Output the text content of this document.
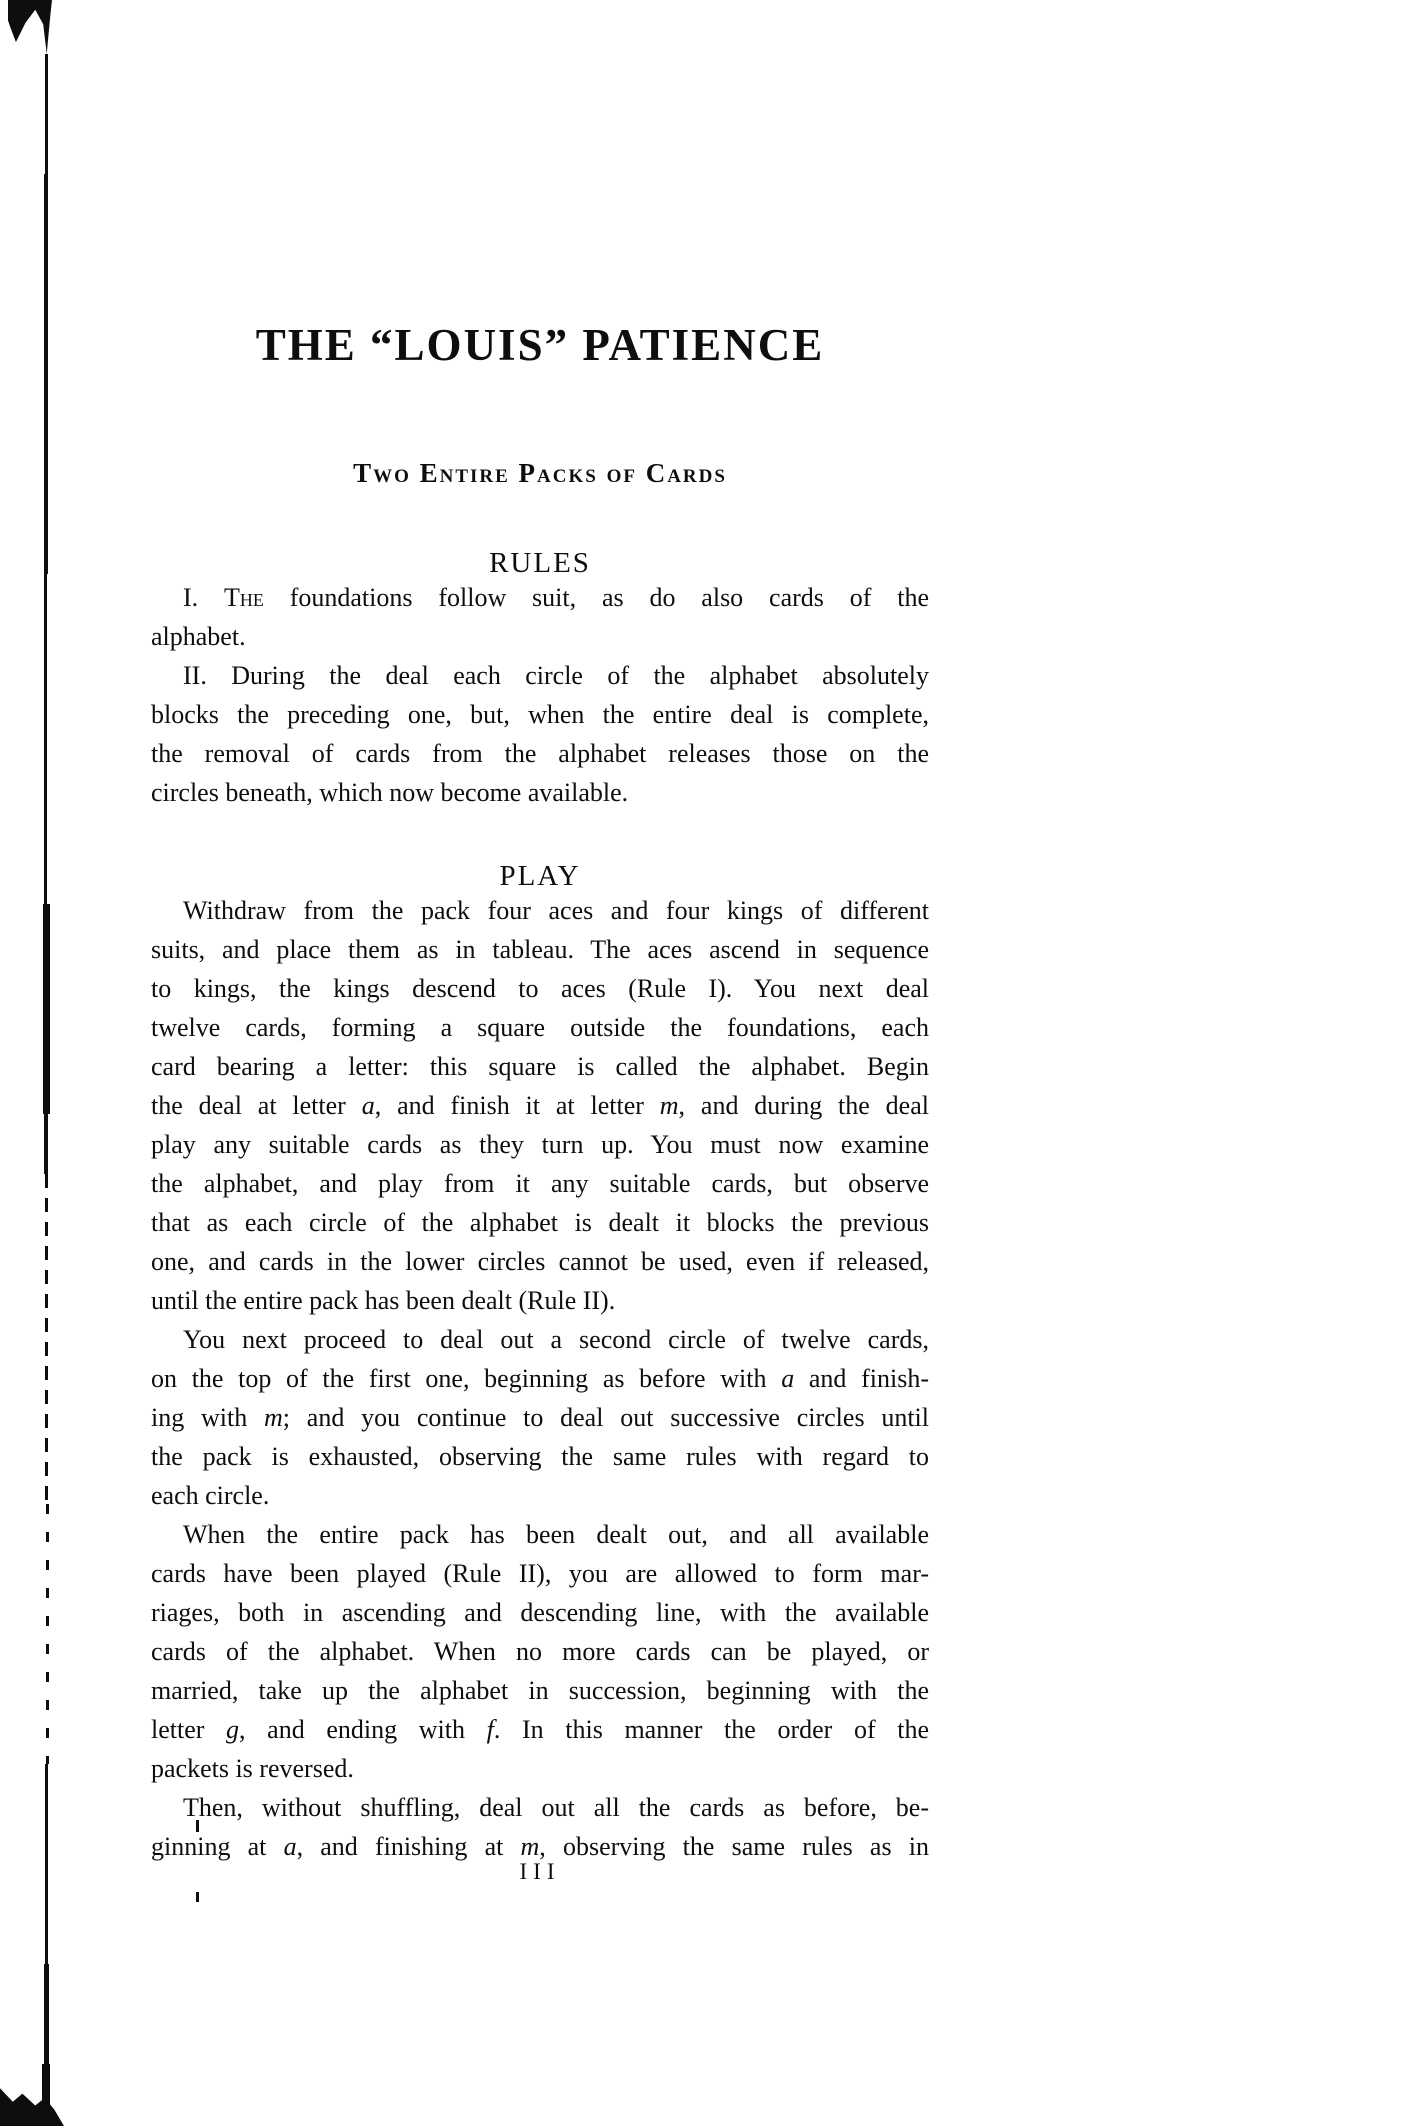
THE “LOUIS” PATIENCE
Two Entire Packs of Cards
RULES
I. The foundations follow suit, as do also cards of the
alphabet.
II. During the deal each circle of the alphabet absolutely
blocks the preceding one, but, when the entire deal is complete,
the removal of cards from the alphabet releases those on the
circles beneath, which now become available.
PLAY
Withdraw from the pack four aces and four kings of different
suits, and place them as in tableau. The aces ascend in sequence
to kings, the kings descend to aces (Rule I). You next deal
twelve cards, forming a square outside the foundations, each
card bearing a letter: this square is called the alphabet. Begin
the deal at letter a, and finish it at letter m, and during the deal
play any suitable cards as they turn up. You must now examine
the alphabet, and play from it any suitable cards, but observe
that as each circle of the alphabet is dealt it blocks the previous
one, and cards in the lower circles cannot be used, even if released,
until the entire pack has been dealt (Rule II).
You next proceed to deal out a second circle of twelve cards,
on the top of the first one, beginning as before with a and finish-
ing with m; and you continue to deal out successive circles until
the pack is exhausted, observing the same rules with regard to
each circle.
When the entire pack has been dealt out, and all available
cards have been played (Rule II), you are allowed to form mar-
riages, both in ascending and descending line, with the available
cards of the alphabet. When no more cards can be played, or
married, take up the alphabet in succession, beginning with the
letter g, and ending with f. In this manner the order of the
packets is reversed.
Then, without shuffling, deal out all the cards as before, be-
ginning at a, and finishing at m, observing the same rules as in
III
